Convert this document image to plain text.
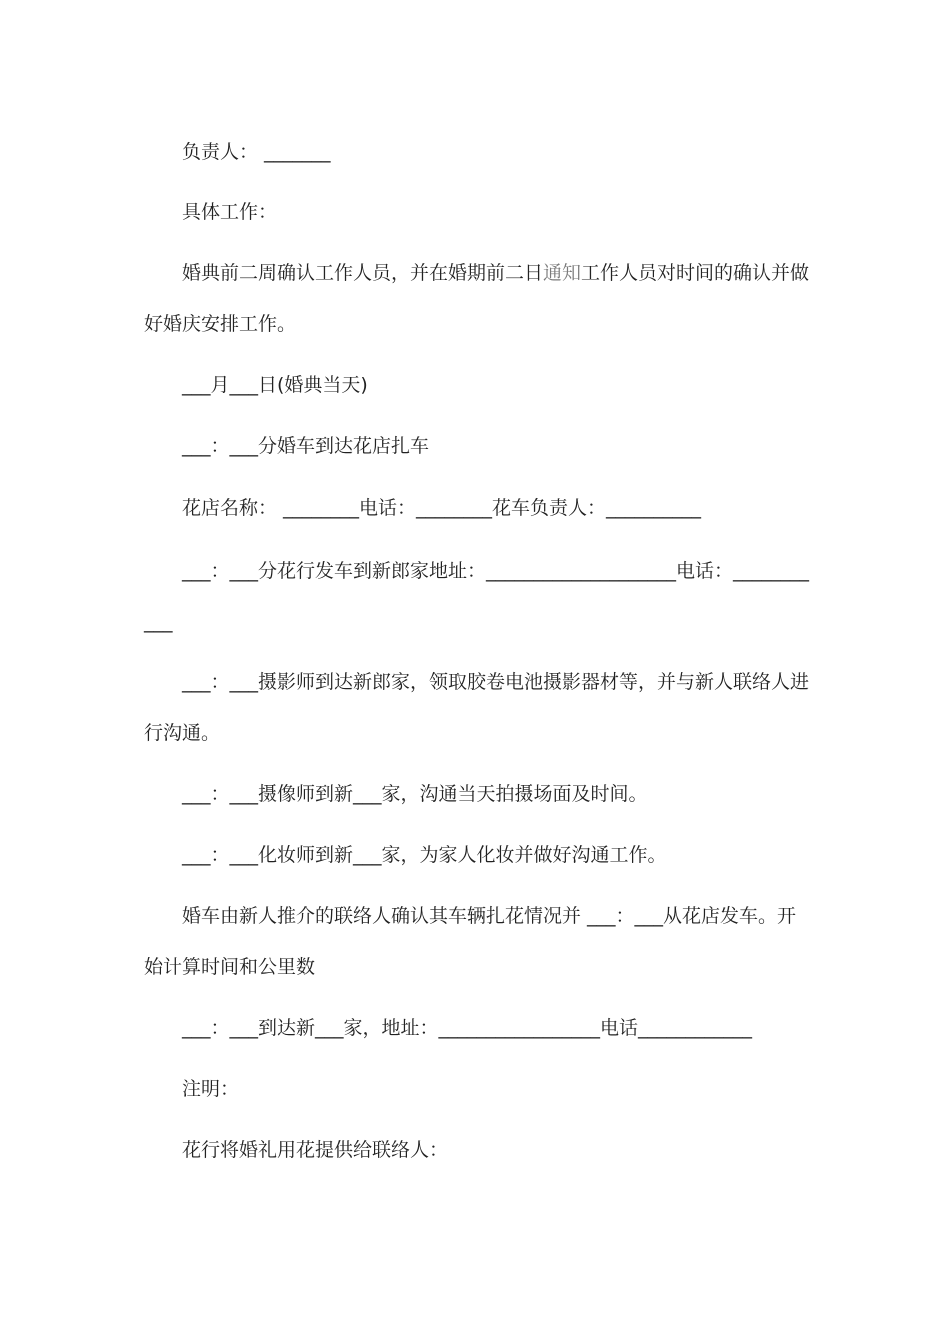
负责人： _______

具体工作：

婚典前二周确认工作人员，并在婚期前二日通知工作人员对时间的确认并做好婚庆安排工作。

___月___日(婚典当天)

___：___分婚车到达花店扎车

花店名称： ________电话：________花车负责人：__________

___：___分花行发车到新郎家地址：____________________电话：___________

___：___摄影师到达新郎家，领取胶卷电池摄影器材等，并与新人联络人进行沟通。

___：___摄像师到新___家，沟通当天拍摄场面及时间。

___：___化妆师到新___家，为家人化妆并做好沟通工作。

婚车由新人推介的联络人确认其车辆扎花情况并 ___：___从花店发车。开始计算时间和公里数

___：___到达新___家，地址：_________________电话____________

注明：

花行将婚礼用花提供给联络人：
